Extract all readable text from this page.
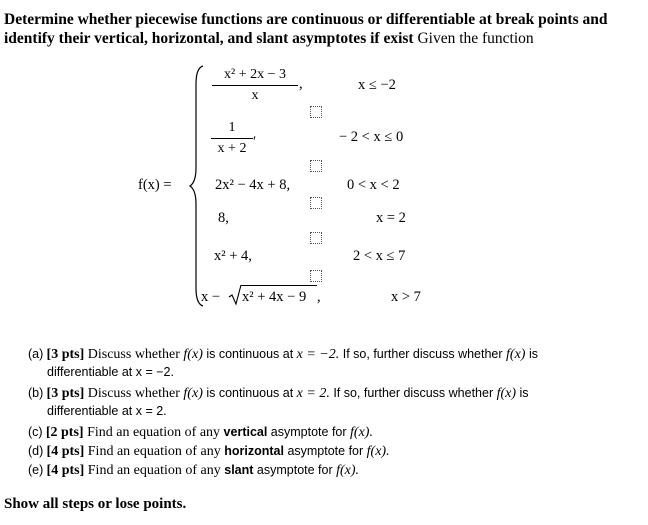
Determine whether piecewise functions are continuous or differentiable at break points and identify their vertical, horizontal, and slant asymptotes if exist Given the function
f(x) =
x² + 2x − 3
x
,	x ≤ −2
1
x + 2 ′	− 2 < x ≤ 0
2x² − 4x + 8,	0 < x < 2
8,	x = 2
x² + 4,	2 < x ≤ 7
x − x² + 4x − 9 ,	x > 7
(a) [3 pts] Discuss whether f(x) is continuous at x = −2. If so, further discuss whether f(x) is
differentiable at x = −2.
(b) [3 pts] Discuss whether f(x) is continuous at x = 2. If so, further discuss whether f(x) is
differentiable at x = 2.
(c) [2 pts] Find an equation of any vertical asymptote for f(x).
(d) [4 pts] Find an equation of any horizontal asymptote for f(x).
(e) [4 pts] Find an equation of any slant asymptote for f(x).
Show all steps or lose points.
